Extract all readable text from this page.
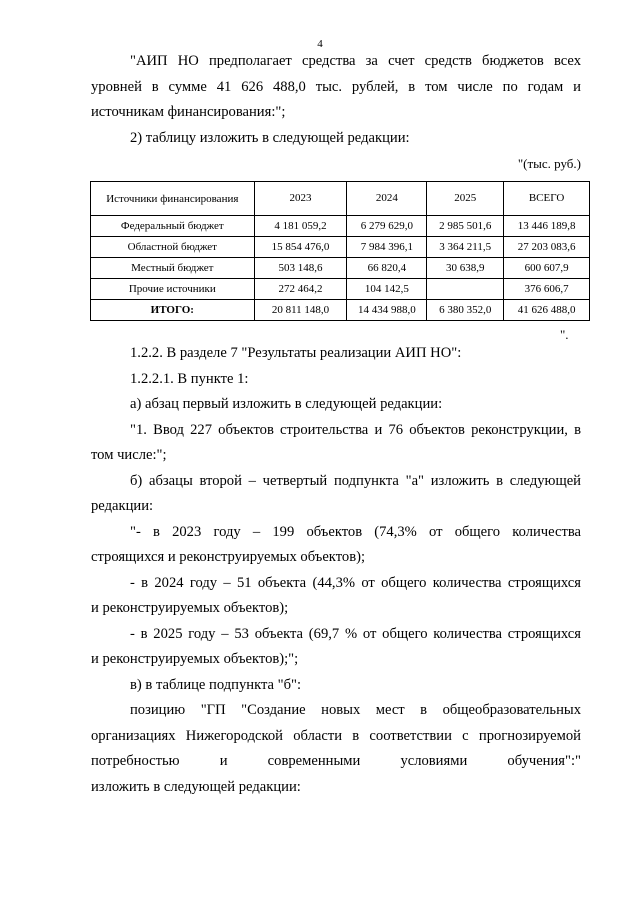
4

"АИП НО предполагает средства за счет средств бюджетов всех

уровней в сумме 41 626 488,0 тыс. рублей, в том числе по годам и

источникам финансирования:";

2) таблицу изложить в следующей редакции:

"(тыс. руб.)

Источники финансирования	2023	2024	2025	ВСЕГО
Федеральный бюджет	4 181 059,2	6 279 629,0	2 985 501,6	13 446 189,8
Областной бюджет	15 854 476,0	7 984 396,1	3 364 211,5	27 203 083,6
Местный бюджет	503 148,6	66 820,4	30 638,9	600 607,9
Прочие источники	272 464,2	104 142,5		376 606,7
ИТОГО:	20 811 148,0	14 434 988,0	6 380 352,0	41 626 488,0
".

1.2.2. В разделе 7 "Результаты реализации АИП НО":

1.2.2.1. В пункте 1:

а) абзац первый изложить в следующей редакции:

"1. Ввод 227 объектов строительства и 76 объектов реконструкции, в

том числе:";

б) абзацы второй – четвертый подпункта "а" изложить в следующей

редакции:

"- в 2023 году – 199 объектов (74,3% от общего количества

строящихся и реконструируемых объектов);

- в 2024 году – 51 объекта (44,3% от общего количества строящихся

и реконструируемых объектов);

- в 2025 году – 53 объекта (69,7 % от общего количества строящихся

и реконструируемых объектов);";

в) в таблице подпункта "б":

позицию "ГП "Создание новых мест в общеобразовательных

организациях Нижегородской области в соответствии с прогнозируемой

потребностью и современными условиями обучения":"

изложить в следующей редакции:
